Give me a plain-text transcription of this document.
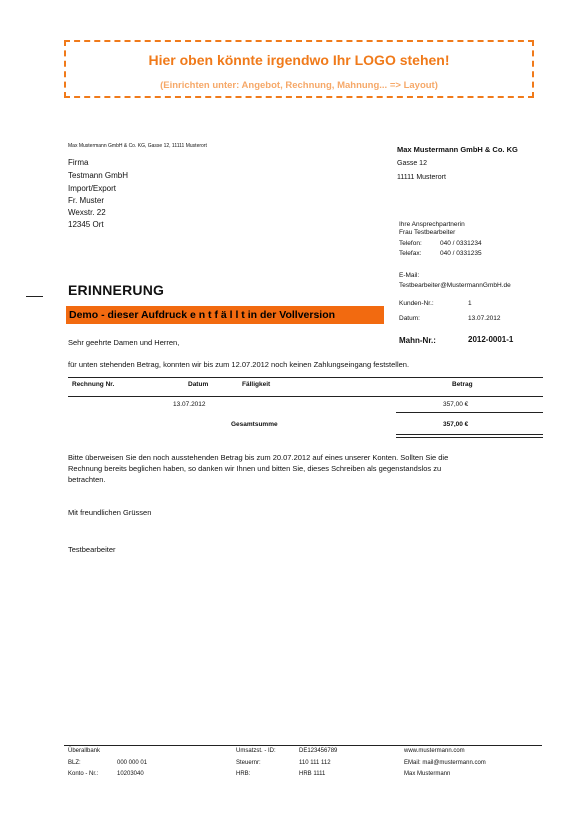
Hier oben könnte irgendwo Ihr LOGO stehen!
(Einrichten unter: Angebot, Rechnung, Mahnung... => Layout)
Max Mustermann GmbH & Co. KG, Gasse 12, 11111 Musterort
Firma
Testmann GmbH
Import/Export
Fr. Muster
Wexstr. 22
12345 Ort
Max Mustermann GmbH & Co. KG
Gasse 12
11111 Musterort
Ihre Ansprechpartnerin
Frau Testbearbeiter
Telefon:	040 / 0331234
Telefax:	040 / 0331235
E-Mail:
Testbearbeiter@MustermannGmbH.de
ERINNERUNG
Demo - dieser Aufdruck e n t f ä l l t in der Vollversion
Kunden-Nr.:	1
Datum:	13.07.2012
Mahn-Nr.:	2012-0001-1
Sehr geehrte Damen und Herren,
für unten stehenden Betrag, konnten wir bis zum 12.07.2012 noch keinen Zahlungseingang feststellen.
Rechnung Nr.	Datum	Fälligkeit	Betrag
13.07.2012	357,00 €
Gesamtsumme	357,00 €
Bitte überweisen Sie den noch ausstehenden Betrag bis zum 20.07.2012 auf eines unserer Konten. Sollten Sie die
Rechnung bereits beglichen haben, so danken wir Ihnen und bitten Sie, dieses Schreiben als gegenstandslos zu
betrachten.
Mit freundlichen Grüssen
Testbearbeiter
Überallbank
BLZ:	000 000 01
Konto - Nr.:	10203040
Umsatzst. - ID:	DE123456789
Steuernr:	110 111 112
HRB:	HRB 1111
www.mustermann.com
EMail: mail@mustermann.com
Max Mustermann
